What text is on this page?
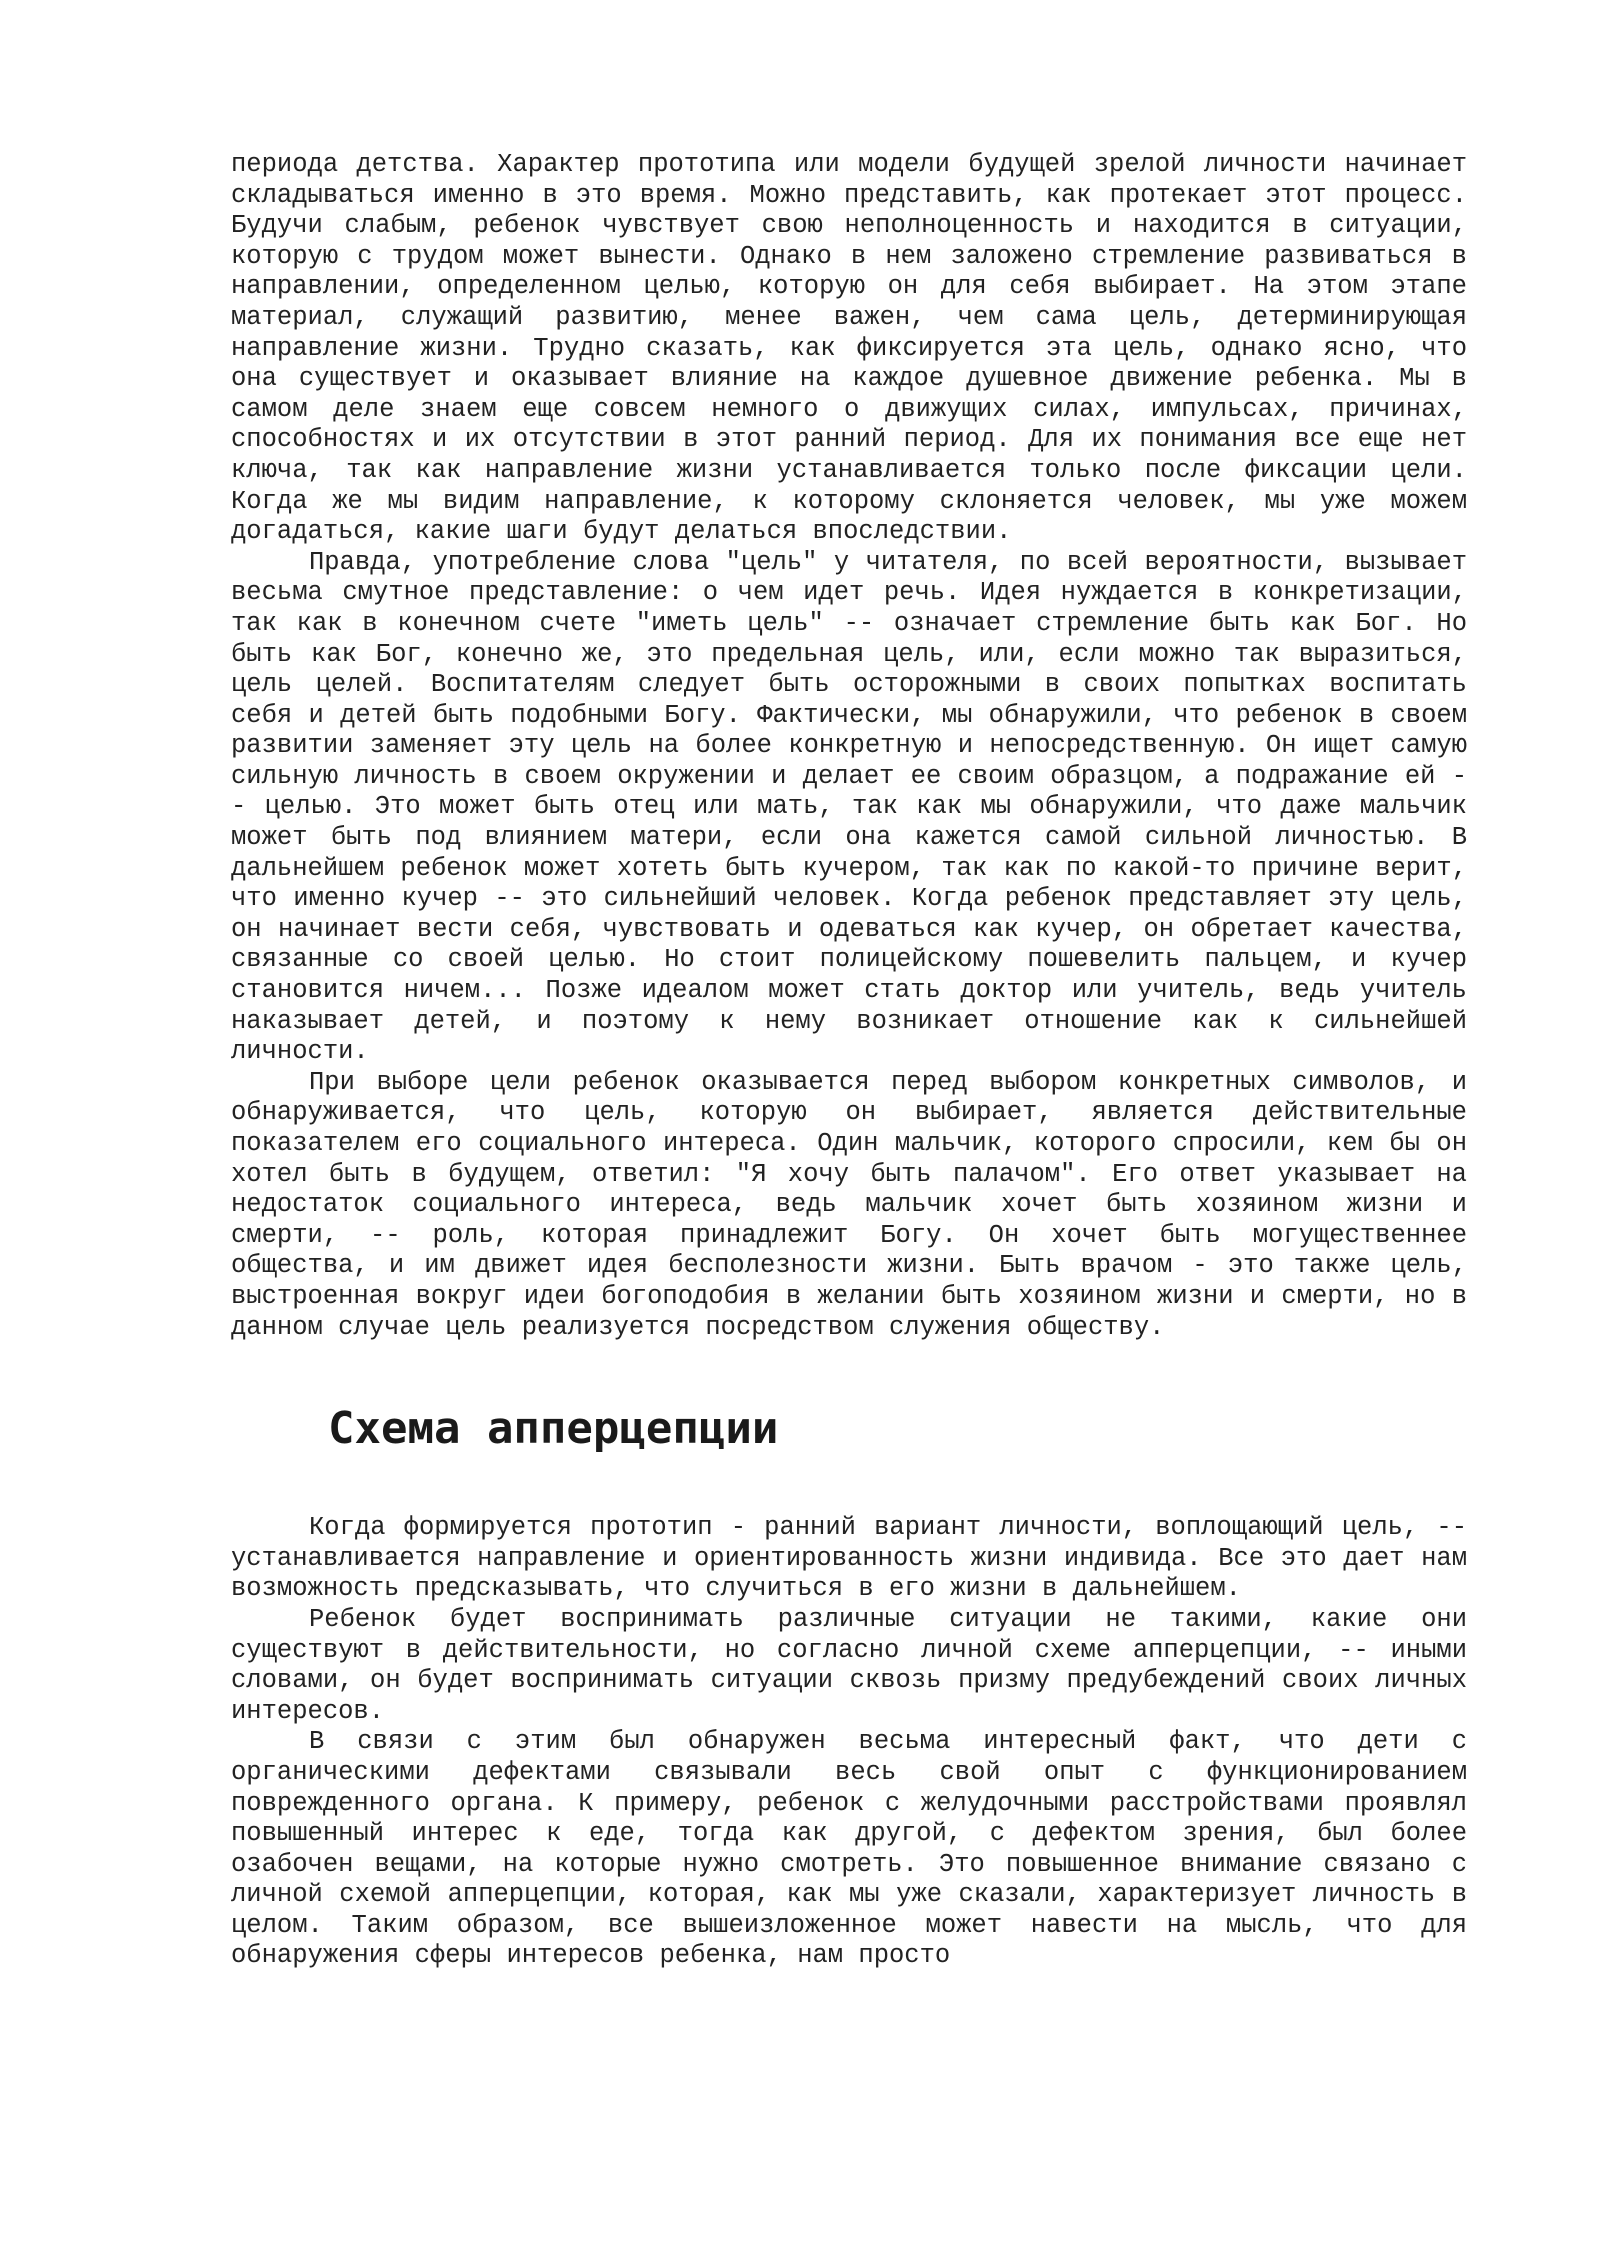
периода детства. Характер прототипа или модели будущей зрелой личности начинает складываться именно в это время. Можно представить, как протекает этот процесс. Будучи слабым, ребенок чувствует свою неполноценность и находится в ситуации, которую с трудом может вынести. Однако в нем заложено стремление развиваться в направлении, определенном целью, которую он для себя выбирает. На этом этапе материал, служащий развитию, менее важен, чем сама цель, детерминирующая направление жизни. Трудно сказать, как фиксируется эта цель, однако ясно, что она существует и оказывает влияние на каждое душевное движение ребенка. Мы в самом деле знаем еще совсем немного о движущих силах, импульсах, причинах, способностях и их отсутствии в этот ранний период. Для их понимания все еще нет ключа, так как направление жизни устанавливается только после фиксации цели. Когда же мы видим направление, к которому склоняется человек, мы уже можем догадаться, какие шаги будут делаться впоследствии.

Правда, употребление слова "цель" у читателя, по всей вероятности, вызывает весьма смутное представление: о чем идет речь. Идея нуждается в конкретизации, так как в конечном счете "иметь цель" -- означает стремление быть как Бог. Но быть как Бог, конечно же, это предельная цель, или, если можно так выразиться, цель целей. Воспитателям следует быть осторожными в своих попытках воспитать себя и детей быть подобными Богу. Фактически, мы обнаружили, что ребенок в своем развитии заменяет эту цель на более конкретную и непосредственную. Он ищет самую сильную личность в своем окружении и делает ее своим образцом, а подражание ей -- целью. Это может быть отец или мать, так как мы обнаружили, что даже мальчик может быть под влиянием матери, если она кажется самой сильной личностью. В дальнейшем ребенок может хотеть быть кучером, так как по какой-то причине верит, что именно кучер -- это сильнейший человек. Когда ребенок представляет эту цель, он начинает вести себя, чувствовать и одеваться как кучер, он обретает качества, связанные со своей целью. Но стоит полицейскому пошевелить пальцем, и кучер становится ничем... Позже идеалом может стать доктор или учитель, ведь учитель наказывает детей, и поэтому к нему возникает отношение как к сильнейшей личности.

При выборе цели ребенок оказывается перед выбором конкретных символов, и обнаруживается, что цель, которую он выбирает, является действительные показателем его социального интереса. Один мальчик, которого спросили, кем бы он хотел быть в будущем, ответил: "Я хочу быть палачом". Его ответ указывает на недостаток социального интереса, ведь мальчик хочет быть хозяином жизни и смерти, -- роль, которая принадлежит Богу. Он хочет быть могущественнее общества, и им движет идея бесполезности жизни. Быть врачом - это также цель, выстроенная вокруг идеи богоподобия в желании быть хозяином жизни и смерти, но в данном случае цель реализуется посредством служения обществу.

Схема апперцепции

Когда формируется прототип - ранний вариант личности, воплощающий цель, -- устанавливается направление и ориентированность жизни индивида. Все это дает нам возможность предсказывать, что случиться в его жизни в дальнейшем.

Ребенок будет воспринимать различные ситуации не такими, какие они существуют в действительности, но согласно личной схеме апперцепции, -- иными словами, он будет воспринимать ситуации сквозь призму предубеждений своих личных интересов.

В связи с этим был обнаружен весьма интересный факт, что дети с органическими дефектами связывали весь свой опыт с функционированием поврежденного органа. К примеру, ребенок с желудочными расстройствами проявлял повышенный интерес к еде, тогда как другой, с дефектом зрения, был более озабочен вещами, на которые нужно смотреть. Это повышенное внимание связано с личной схемой апперцепции, которая, как мы уже сказали, характеризует личность в целом. Таким образом, все вышеизложенное может навести на мысль, что для обнаружения сферы интересов ребенка, нам просто
